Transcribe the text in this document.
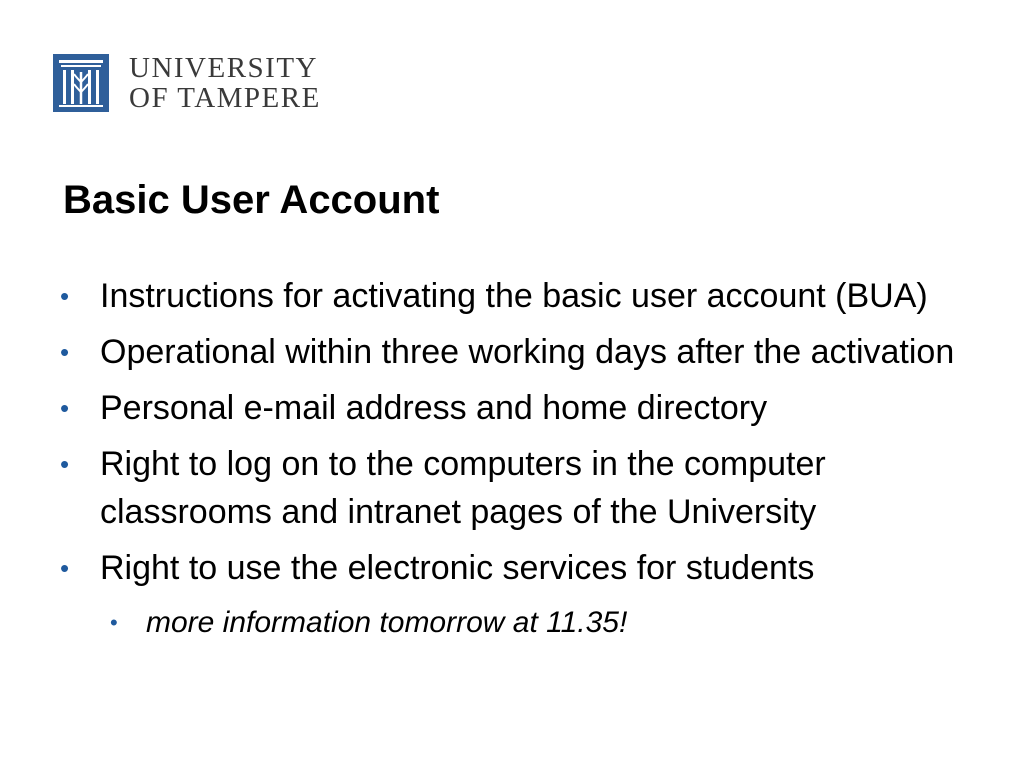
UNIVERSITY
OF TAMPERE
Basic User Account
• Instructions for activating the basic user account (BUA)
• Operational within three working days after the activation
• Personal e-mail address and home directory
• Right to log on to the computers in the computer classrooms and intranet pages of the University
• Right to use the electronic services for students
• more information tomorrow at 11.35!
